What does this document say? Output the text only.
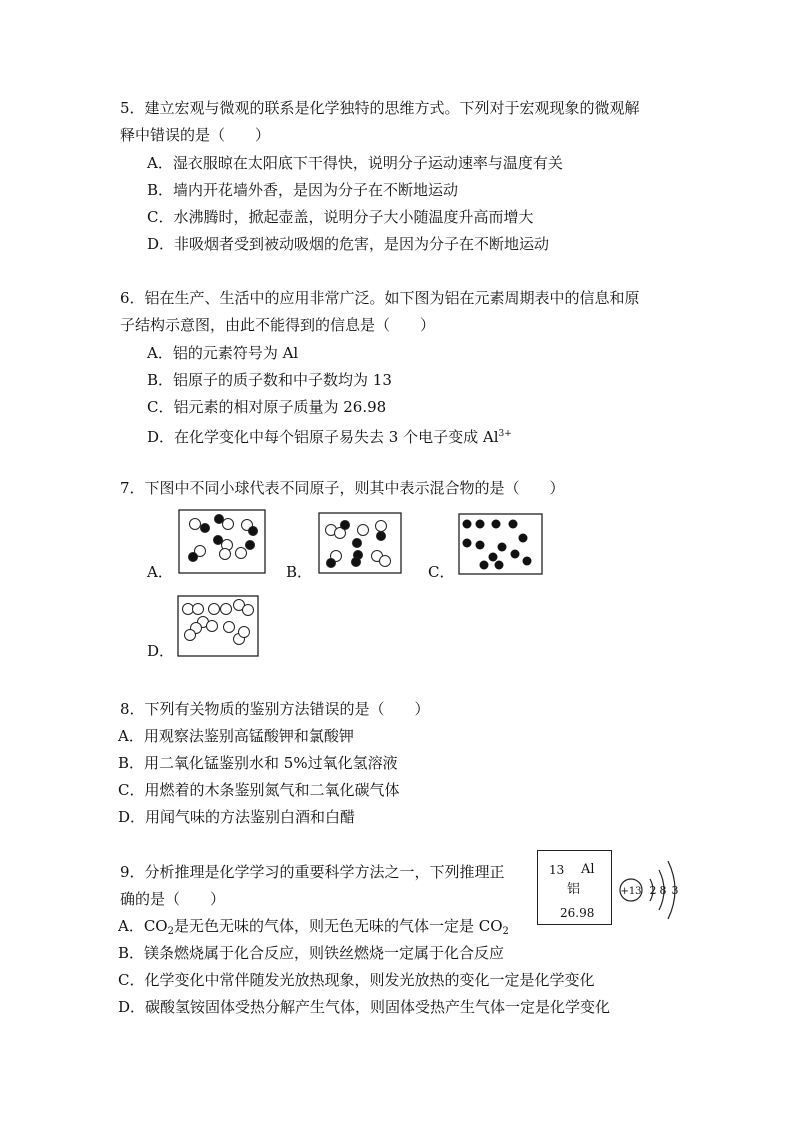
5．建立宏观与微观的联系是化学独特的思维方式。下列对于宏观现象的微观解
释中错误的是（　　）
A．湿衣服晾在太阳底下干得快，说明分子运动速率与温度有关
B．墙内开花墙外香，是因为分子在不断地运动
C．水沸腾时，掀起壶盖，说明分子大小随温度升高而增大
D．非吸烟者受到被动吸烟的危害，是因为分子在不断地运动
6．铝在生产、生活中的应用非常广泛。如下图为铝在元素周期表中的信息和原
子结构示意图，由此不能得到的信息是（　　）
A．铝的元素符号为 Al
B．铝原子的质子数和中子数均为 13
C．铝元素的相对原子质量为 26.98
D．在化学变化中每个铝原子易失去 3 个电子变成 $Al^{3+}$
7．下图中不同小球代表不同原子，则其中表示混合物的是（　　）
A．	B．	C．
D．
8．下列有关物质的鉴别方法错误的是（　　）
A．用观察法鉴别高锰酸钾和氯酸钾
B．用二氧化锰鉴别水和 5%过氧化氢溶液
C．用燃着的木条鉴别氮气和二氧化碳气体
D．用闻气味的方法鉴别白酒和白醋
9．分析推理是化学学习的重要科学方法之一，下列推理正
确的是（　　）
A．$CO_2$是无色无味的气体，则无色无味的气体一定是 $CO_2$
B．镁条燃烧属于化合反应，则铁丝燃烧一定属于化合反应
C．化学变化中常伴随发光放热现象，则发光放热的变化一定是化学变化
D．碳酸氢铵固体受热分解产生气体，则固体受热产生气体一定是化学变化
13 Al
铝
26.98
+13 2 8 3
